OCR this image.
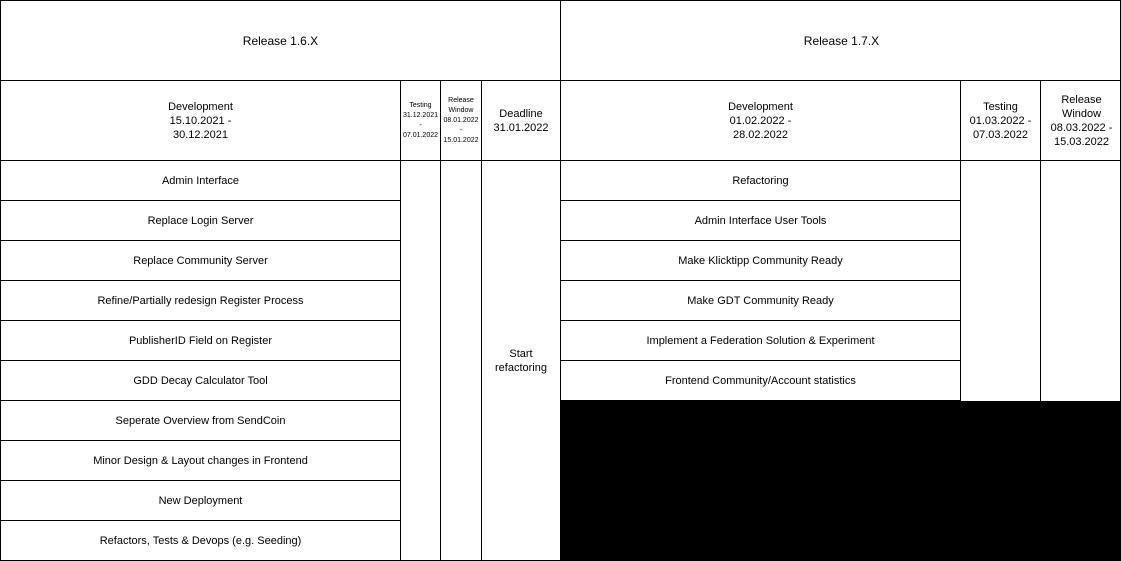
Release 1.6.X	Release 1.7.X
Development
15.10.2021 -
30.12.2021
Testing
31.12.2021
-
07.01.2022
Release
Window
08.01.2022
-
15.01.2022
Deadline
31.01.2022
Development
01.02.2022 -
28.02.2022
Testing
01.03.2022 -
07.03.2022
Release
Window
08.03.2022 -
15.03.2022
Admin Interface
Replace Login Server
Replace Community Server
Refine/Partially redesign Register Process
PublisherID Field on Register
GDD Decay Calculator Tool
Seperate Overview from SendCoin
Minor Design & Layout changes in Frontend
New Deployment
Refactors, Tests & Devops (e.g. Seeding)
Start
refactoring
Refactoring
Admin Interface User Tools
Make Klicktipp Community Ready
Make GDT Community Ready
Implement a Federation Solution & Experiment
Frontend Community/Account statistics
